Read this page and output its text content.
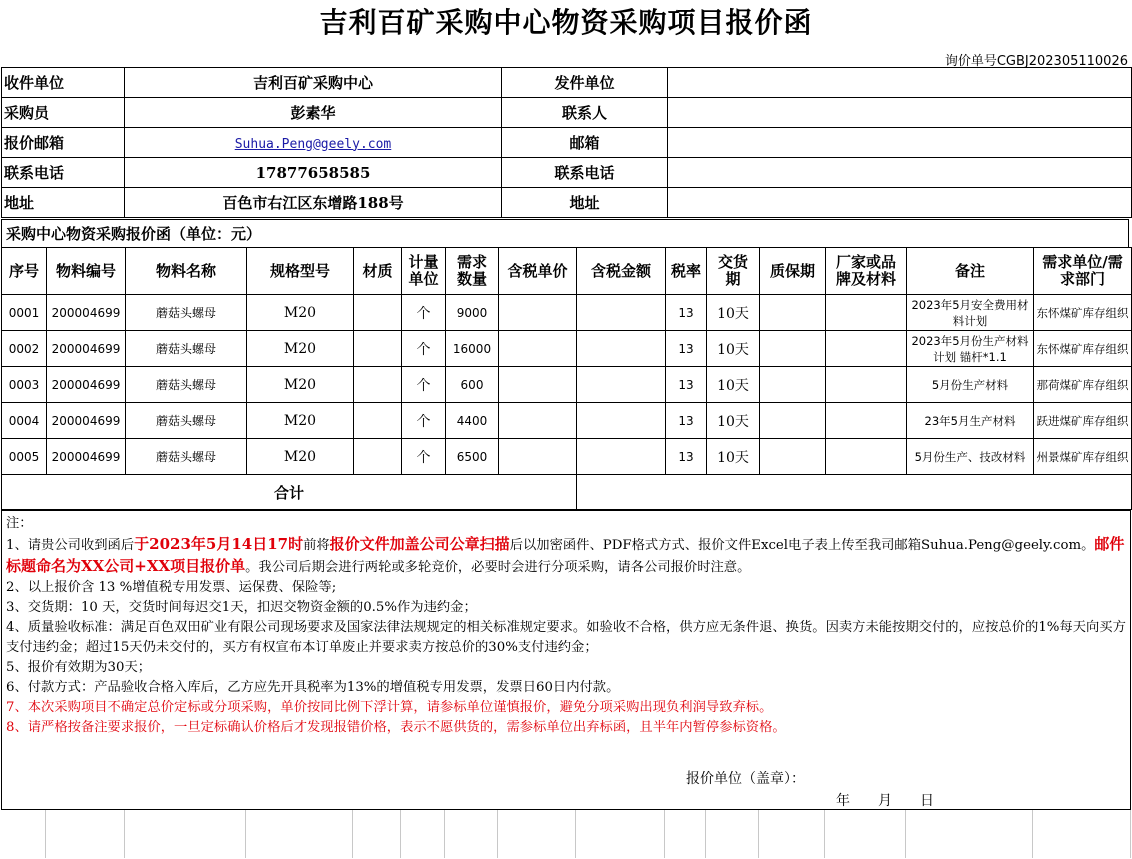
吉利百矿采购中心物资采购项目报价函
询价单号CGBJ202305110026
收件单位	吉利百矿采购中心	发件单位	
采购员	彭素华	联系人	
报价邮箱	Suhua.Peng@geely.com	邮箱	
联系电话	17877658585	联系电话	
地址	百色市右江区东增路188号	地址	
采购中心物资采购报价函（单位：元）
序号	物料编号	物料名称	规格型号	材质	计量单位	需求数量	含税单价	含税金额	税率	交货期	质保期	厂家或品牌及材料	备注	需求单位/需求部门
0001	200004699	蘑菇头螺母	M20		个	9000			13	10天			2023年5月安全费用材料计划	东怀煤矿库存组织
0002	200004699	蘑菇头螺母	M20		个	16000			13	10天			2023年5月份生产材料计划 锚杆*1.1	东怀煤矿库存组织
0003	200004699	蘑菇头螺母	M20		个	600			13	10天			5月份生产材料	那荷煤矿库存组织
0004	200004699	蘑菇头螺母	M20		个	4400			13	10天			23年5月生产材料	跃进煤矿库存组织
0005	200004699	蘑菇头螺母	M20		个	6500			13	10天			5月份生产、技改材料	州景煤矿库存组织
合计														
注：
1、请贵公司收到函后于2023年5月14日17时前将报价文件加盖公司公章扫描后以加密函件、PDF格式方式、报价文件Excel电子表上传至我司邮箱Suhua.Peng@geely.com。邮件标题命名为XX公司+XX项目报价单。我公司后期会进行两轮或多轮竞价，必要时会进行分项采购，请各公司报价时注意。
2、以上报价含 13 %增值税专用发票、运保费、保险等;
3、交货期：10 天，交货时间每迟交1天，扣迟交物资金额的0.5%作为违约金；
4、质量验收标准：满足百色双田矿业有限公司现场要求及国家法律法规规定的相关标准规定要求。如验收不合格，供方应无条件退、换货。因卖方未能按期交付的，应按总价的1%每天向买方支付违约金；超过15天仍未交付的，买方有权宣布本订单废止并要求卖方按总价的30%支付违约金；
5、报价有效期为30天；
6、付款方式：产品验收合格入库后，乙方应先开具税率为13%的增值税专用发票，发票日60日内付款。
7、本次采购项目不确定总价定标或分项采购，单价按同比例下浮计算，请参标单位谨慎报价，避免分项采购出现负利润导致弃标。
8、请严格按备注要求报价，一旦定标确认价格后才发现报错价格，表示不愿供货的，需参标单位出弃标函，且半年内暂停参标资格。
报价单位（盖章）：
年　　月　　日
